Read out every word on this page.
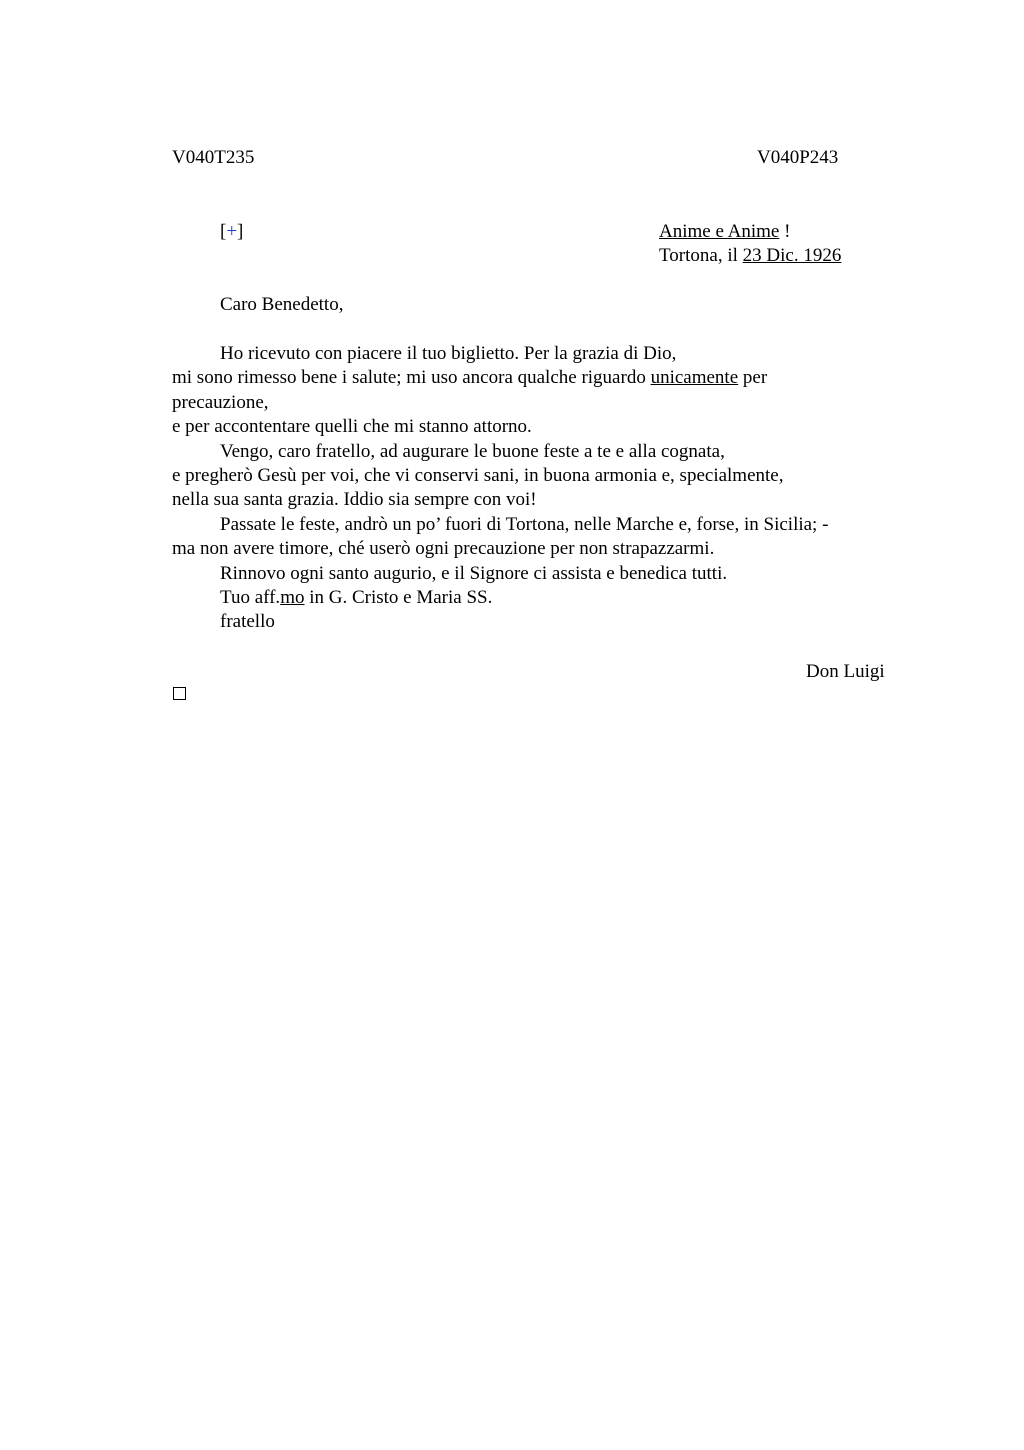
V040T235	V040P243
[+]	Anime e Anime !
Tortona, il 23 Dic. 1926
Caro Benedetto,
Ho ricevuto con piacere il tuo biglietto. Per la grazia di Dio,
mi sono rimesso bene i salute; mi uso ancora qualche riguardo unicamente per
precauzione,
e per accontentare quelli che mi stanno attorno.
Vengo, caro fratello, ad augurare le buone feste a te e alla cognata,
e pregherò Gesù per voi, che vi conservi sani, in buona armonia e, specialmente,
nella sua santa grazia. Iddio sia sempre con voi!
Passate le feste, andrò un po’ fuori di Tortona, nelle Marche e, forse, in Sicilia; -
ma non avere timore, ché userò ogni precauzione per non strapazzarmi.
Rinnovo ogni santo augurio, e il Signore ci assista e benedica tutti.
Tuo aff.mo in G. Cristo e Maria SS.
fratello
Don Luigi
